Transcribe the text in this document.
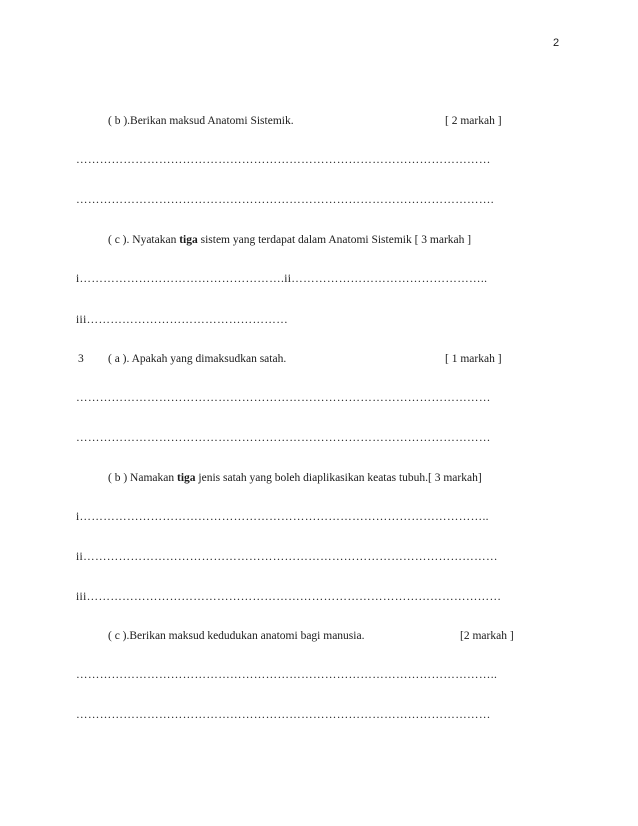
2
( b ).Berikan maksud Anatomi Sistemik.	[ 2 markah ]
……………………………………………………………………………………………
…………………………………………………………………………………………….
( c ). Nyatakan tiga sistem yang terdapat dalam Anatomi Sistemik [ 3 markah ]
i…………………………………………….ii…………………………………………..
iii……………………………………………
3 ( a ). Apakah yang dimaksudkan satah.	[ 1 markah ]
……………………………………………………………………………………………
……………………………………………………………………………………………
( b ) Namakan tiga jenis satah yang boleh diaplikasikan keatas tubuh.[ 3 markah]
i…………………………………………………………………………………………..
ii……………………………………………………………………………………………
iii……………………………………………………………………………………………
( c ).Berikan maksud kedudukan anatomi bagi manusia.	[2 markah ]
……………………………………………………………………………………………..
……………………………………………………………………………………………
